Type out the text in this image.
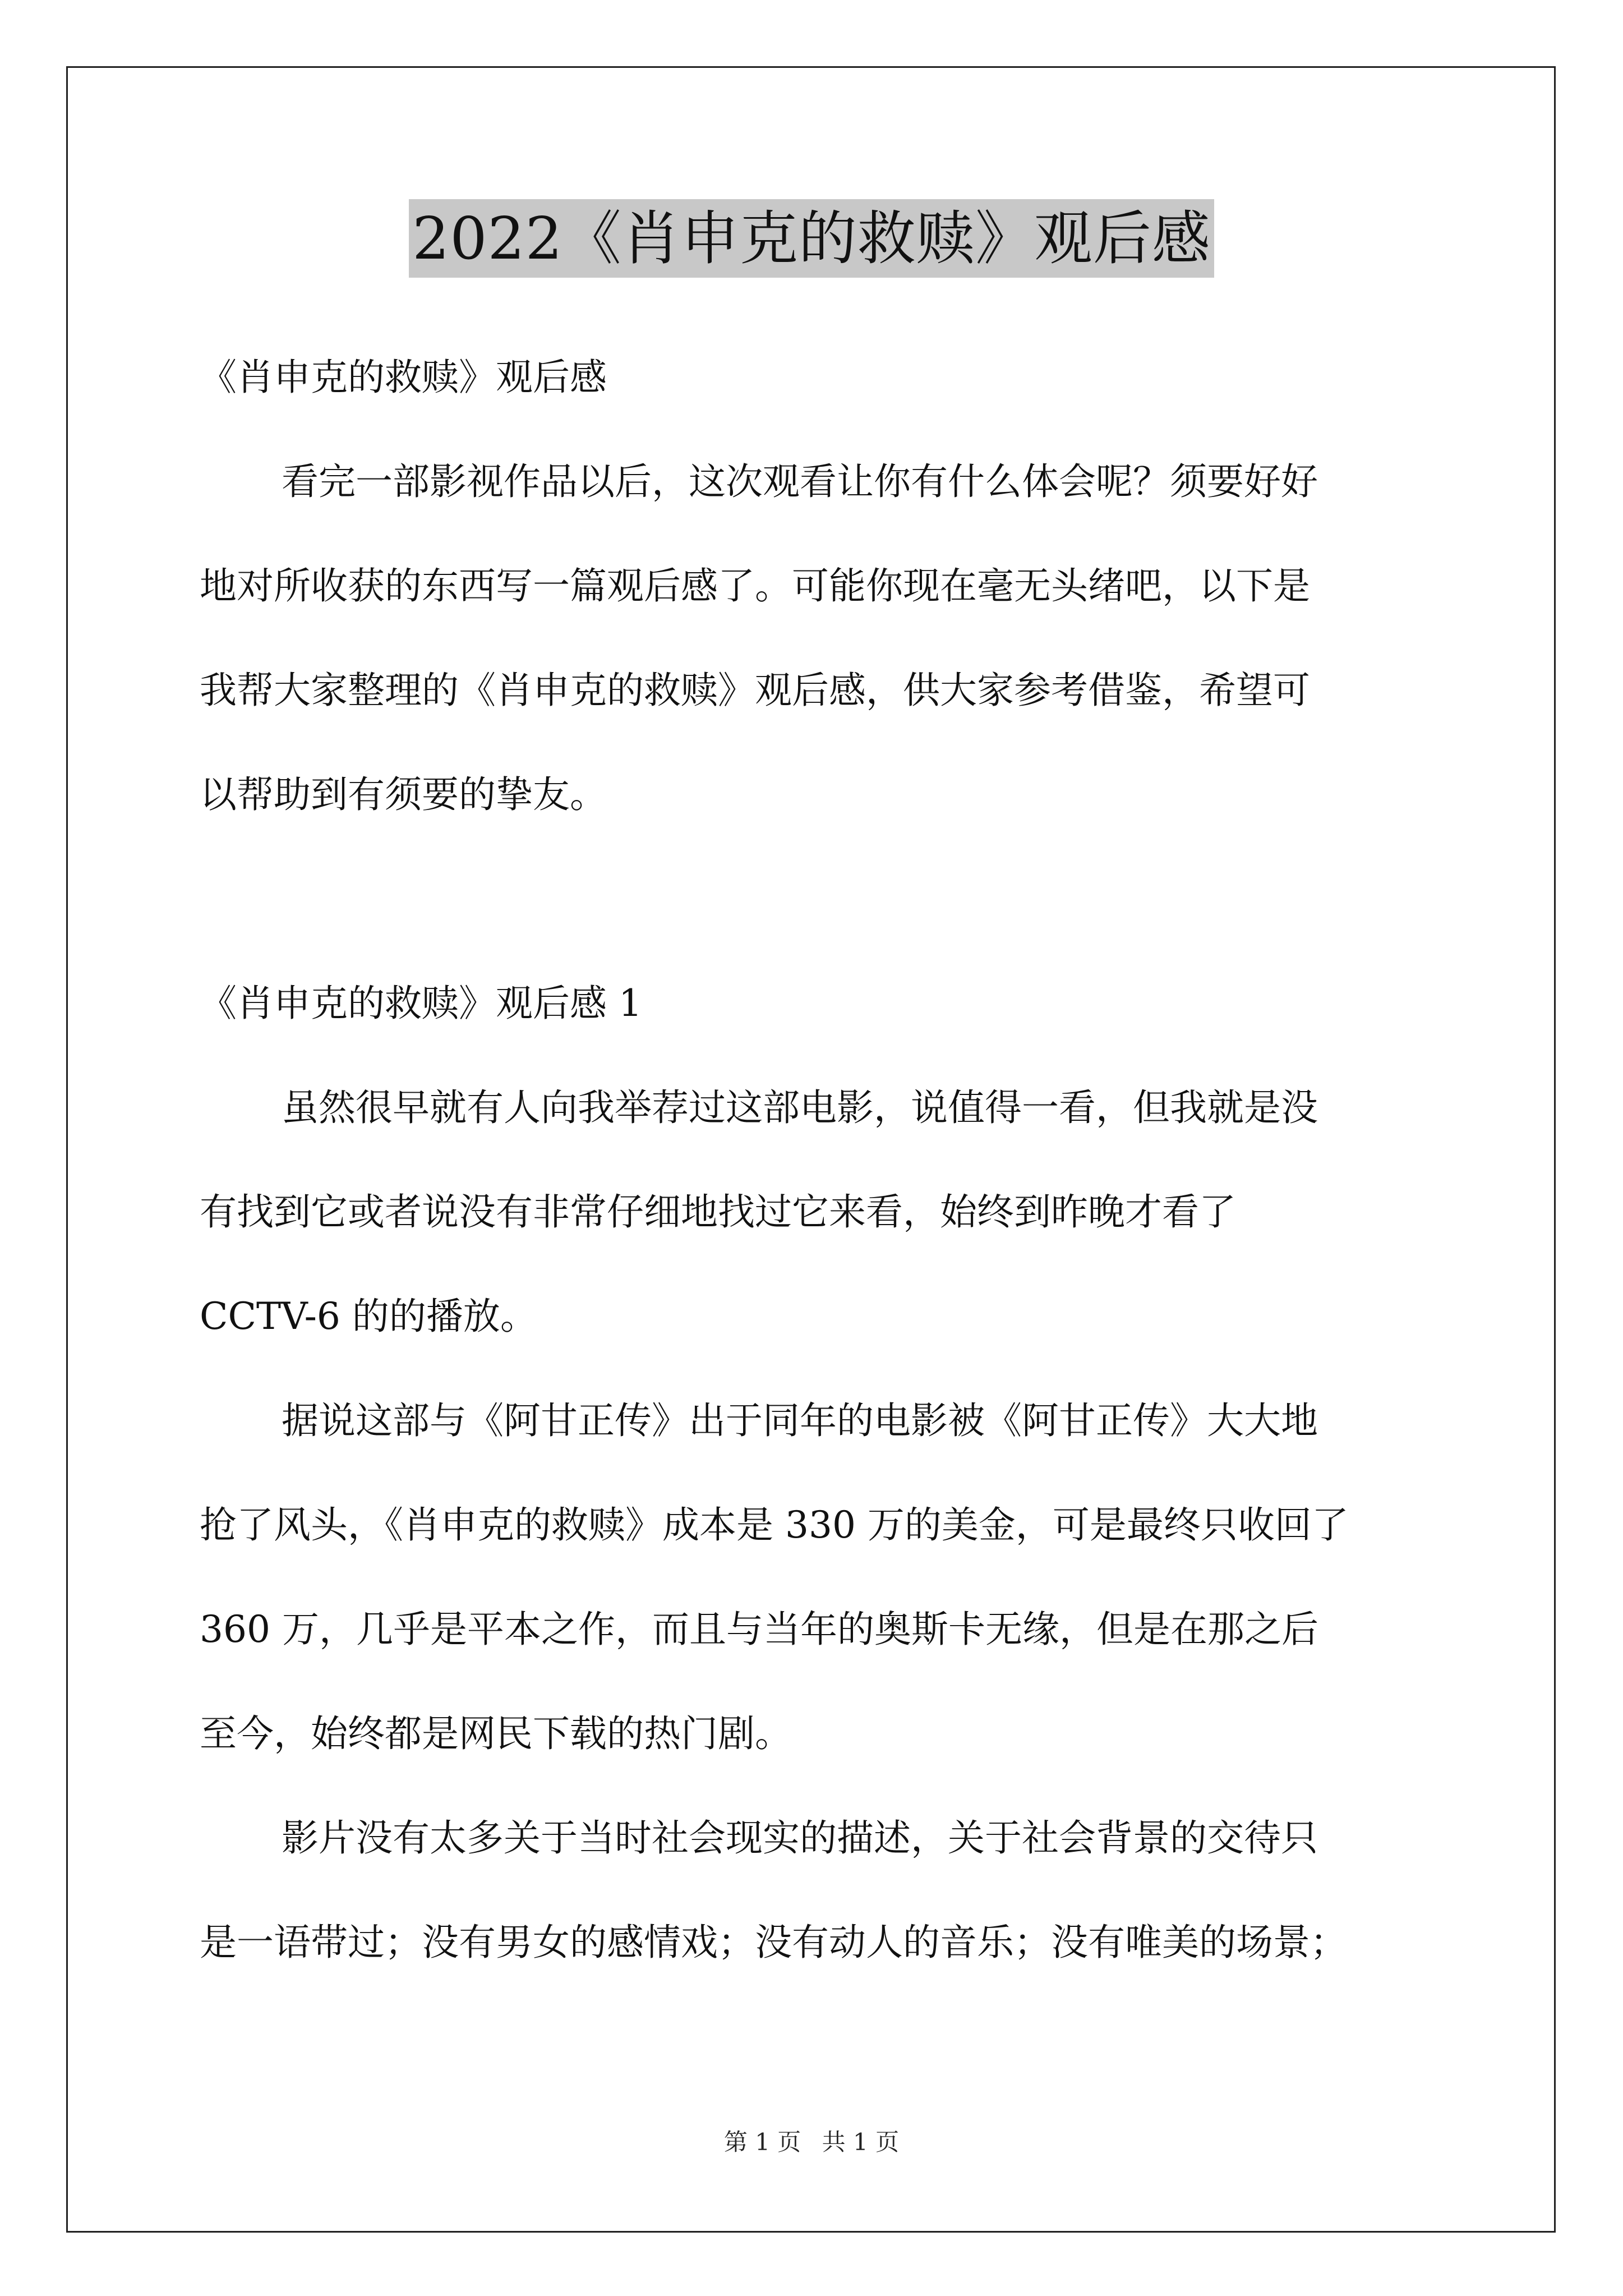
2022《肖申克的救赎》观后感
《肖申克的救赎》观后感
看完一部影视作品以后，这次观看让你有什么体会呢？须要好好
地对所收获的东西写一篇观后感了。可能你现在毫无头绪吧，以下是
我帮大家整理的《肖申克的救赎》观后感，供大家参考借鉴，希望可
以帮助到有须要的挚友。
《肖申克的救赎》观后感 1
虽然很早就有人向我举荐过这部电影，说值得一看，但我就是没
有找到它或者说没有非常仔细地找过它来看，始终到昨晚才看了
CCTV-6 的的播放。
据说这部与《阿甘正传》出于同年的电影被《阿甘正传》大大地
抢了风头，《肖申克的救赎》成本是 330 万的美金，可是最终只收回了
360 万，几乎是平本之作，而且与当年的奥斯卡无缘，但是在那之后
至今，始终都是网民下载的热门剧。
影片没有太多关于当时社会现实的描述，关于社会背景的交待只
是一语带过；没有男女的感情戏；没有动人的音乐；没有唯美的场景；
第 1 页 共 1 页
